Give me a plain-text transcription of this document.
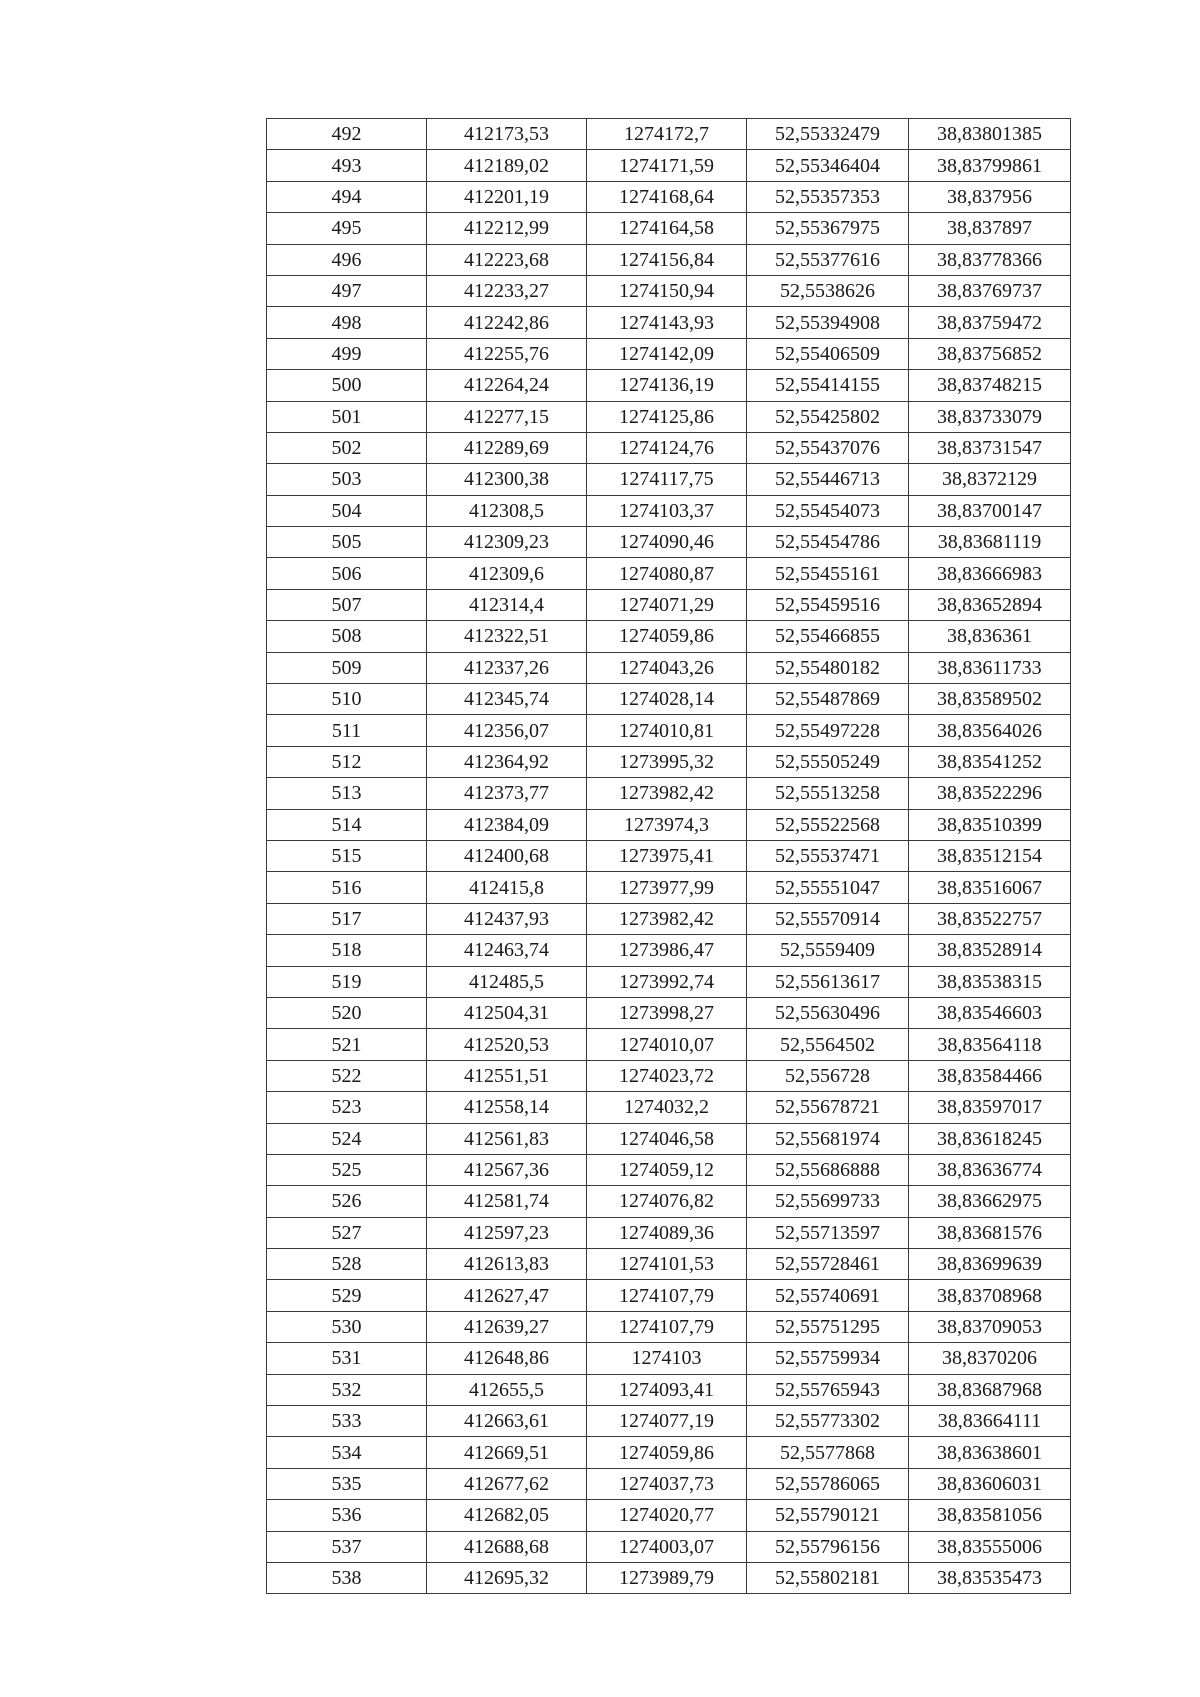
492	412173,53	1274172,7	52,55332479	38,83801385
493	412189,02	1274171,59	52,55346404	38,83799861
494	412201,19	1274168,64	52,55357353	38,837956
495	412212,99	1274164,58	52,55367975	38,837897
496	412223,68	1274156,84	52,55377616	38,83778366
497	412233,27	1274150,94	52,5538626	38,83769737
498	412242,86	1274143,93	52,55394908	38,83759472
499	412255,76	1274142,09	52,55406509	38,83756852
500	412264,24	1274136,19	52,55414155	38,83748215
501	412277,15	1274125,86	52,55425802	38,83733079
502	412289,69	1274124,76	52,55437076	38,83731547
503	412300,38	1274117,75	52,55446713	38,8372129
504	412308,5	1274103,37	52,55454073	38,83700147
505	412309,23	1274090,46	52,55454786	38,83681119
506	412309,6	1274080,87	52,55455161	38,83666983
507	412314,4	1274071,29	52,55459516	38,83652894
508	412322,51	1274059,86	52,55466855	38,836361
509	412337,26	1274043,26	52,55480182	38,83611733
510	412345,74	1274028,14	52,55487869	38,83589502
511	412356,07	1274010,81	52,55497228	38,83564026
512	412364,92	1273995,32	52,55505249	38,83541252
513	412373,77	1273982,42	52,55513258	38,83522296
514	412384,09	1273974,3	52,55522568	38,83510399
515	412400,68	1273975,41	52,55537471	38,83512154
516	412415,8	1273977,99	52,55551047	38,83516067
517	412437,93	1273982,42	52,55570914	38,83522757
518	412463,74	1273986,47	52,5559409	38,83528914
519	412485,5	1273992,74	52,55613617	38,83538315
520	412504,31	1273998,27	52,55630496	38,83546603
521	412520,53	1274010,07	52,5564502	38,83564118
522	412551,51	1274023,72	52,556728	38,83584466
523	412558,14	1274032,2	52,55678721	38,83597017
524	412561,83	1274046,58	52,55681974	38,83618245
525	412567,36	1274059,12	52,55686888	38,83636774
526	412581,74	1274076,82	52,55699733	38,83662975
527	412597,23	1274089,36	52,55713597	38,83681576
528	412613,83	1274101,53	52,55728461	38,83699639
529	412627,47	1274107,79	52,55740691	38,83708968
530	412639,27	1274107,79	52,55751295	38,83709053
531	412648,86	1274103	52,55759934	38,8370206
532	412655,5	1274093,41	52,55765943	38,83687968
533	412663,61	1274077,19	52,55773302	38,83664111
534	412669,51	1274059,86	52,5577868	38,83638601
535	412677,62	1274037,73	52,55786065	38,83606031
536	412682,05	1274020,77	52,55790121	38,83581056
537	412688,68	1274003,07	52,55796156	38,83555006
538	412695,32	1273989,79	52,55802181	38,83535473
